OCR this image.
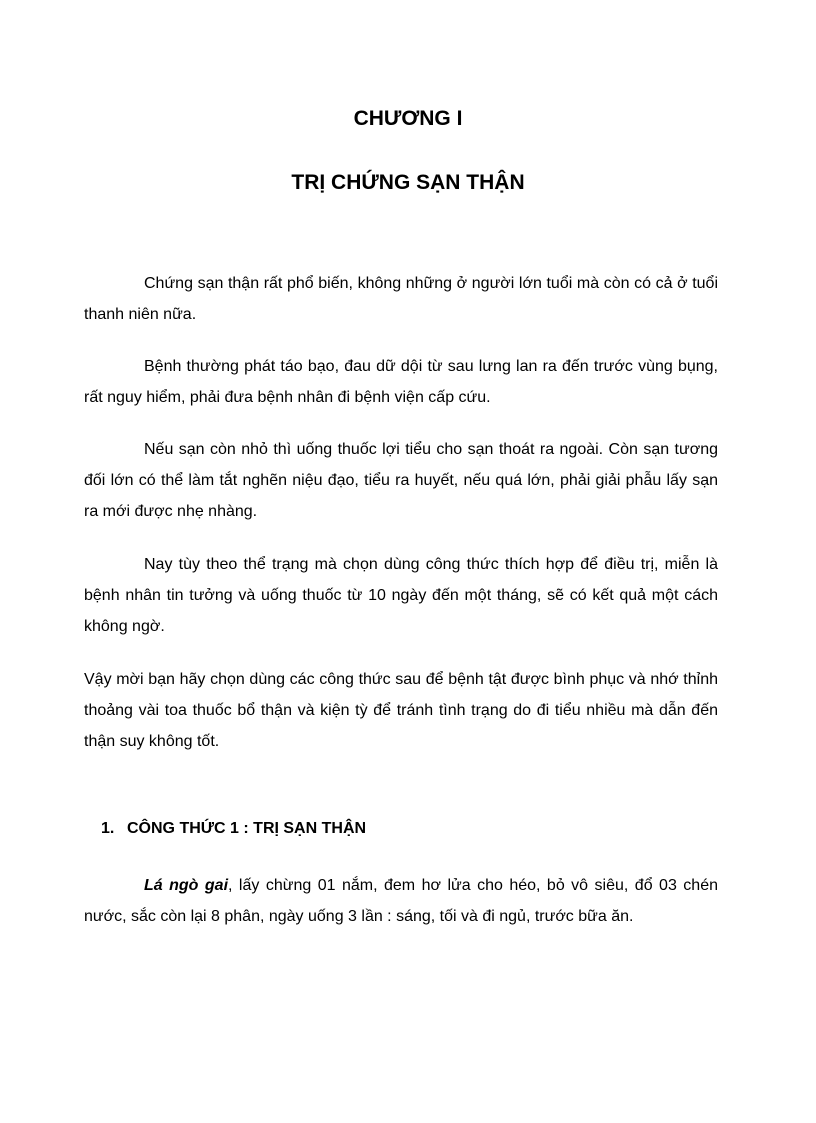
CHƯƠNG I
TRỊ CHỨNG SẠN THẬN

Chứng sạn thận rất phổ biến, không những ở người lớn tuổi mà còn có cả ở tuổi thanh niên nữa.

Bệnh thường phát táo bạo, đau dữ dội từ sau lưng lan ra đến trước vùng bụng, rất nguy hiểm, phải đưa bệnh nhân đi bệnh viện cấp cứu.

Nếu sạn còn nhỏ thì uống thuốc lợi tiểu cho sạn thoát ra ngoài. Còn sạn tương đối lớn có thể làm tắt nghẽn niệu đạo, tiểu ra huyết, nếu quá lớn, phải giải phẫu lấy sạn ra mới được nhẹ nhàng.

Nay tùy theo thể trạng mà chọn dùng công thức thích hợp để điều trị, miễn là bệnh nhân tin tưởng và uống thuốc từ 10 ngày đến một tháng, sẽ có kết quả một cách không ngờ.

Vậy mời bạn hãy chọn dùng các công thức sau để bệnh tật được bình phục và nhớ thỉnh thoảng vài toa thuốc bổ thận và kiện tỳ để tránh tình trạng do đi tiểu nhiều mà dẫn đến thận suy không tốt.

1. CÔNG THỨC 1 : TRỊ SẠN THẬN

Lá ngò gai, lấy chừng 01 nắm, đem hơ lửa cho héo, bỏ vô siêu, đổ 03 chén nước, sắc còn lại 8 phân, ngày uống 3 lần : sáng, tối và đi ngủ, trước bữa ăn.
